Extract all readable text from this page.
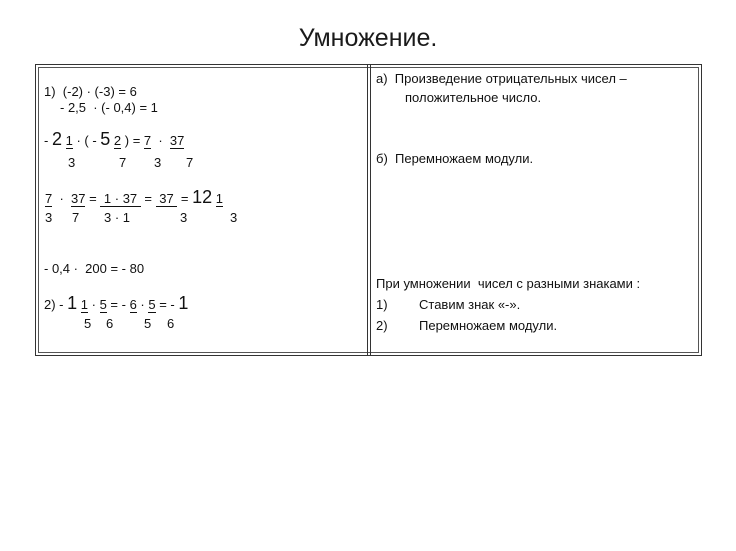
Умножение.
1)  (-2) · (-3) = 6
- 2,5  · (- 0,4) = 1
- 2 1 · ( - 5 2 ) = 7  ·  37
3	7 3 7
7  ·  37 =  1 · 37  =  37  = 12 1
3 7 3 · 1	3	3
- 0,4 ·  200 = - 80
2) - 1 1 · 5 = - 6 · 5 = - 1
5 6 5 6
а)  Произведение отрицательных чисел –
положительное число.
б)  Перемножаем модули.
При умножении  чисел с разными знаками :
1) Ставим знак «-».
2) Перемножаем модули.
